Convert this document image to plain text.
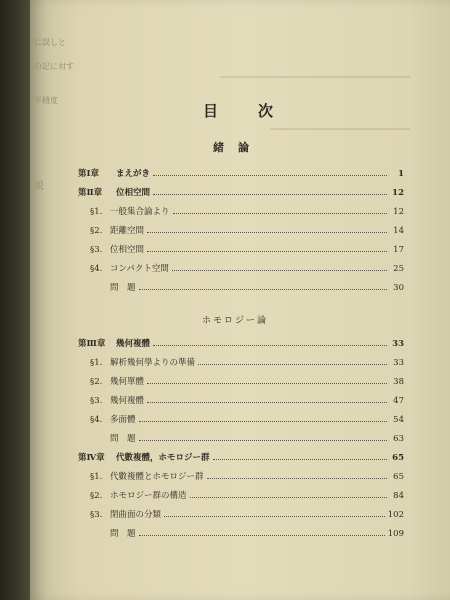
に誤しと
の記に対す
半精度
説
目	次
緒論
第Ⅰ章	まえがき	1
第Ⅱ章	位相空間	12
§1. 一般集合論より	12
§2. 距離空間	14
§3. 位相空間	17
§4. コンパクト空間	25
問　題	30
ホモロジー論
第Ⅲ章	幾何複體	33
§1. 解析幾何學よりの準備	33
§2. 幾何單體	38
§3. 幾何複體	47
§4. 多面體	54
問　題	63
第Ⅳ章	代數複體，ホモロジー群	65
§1. 代數複體とホモロジー群	65
§2. ホモロジー群の構造	84
§3. 閉曲面の分類	102
問　題	109
